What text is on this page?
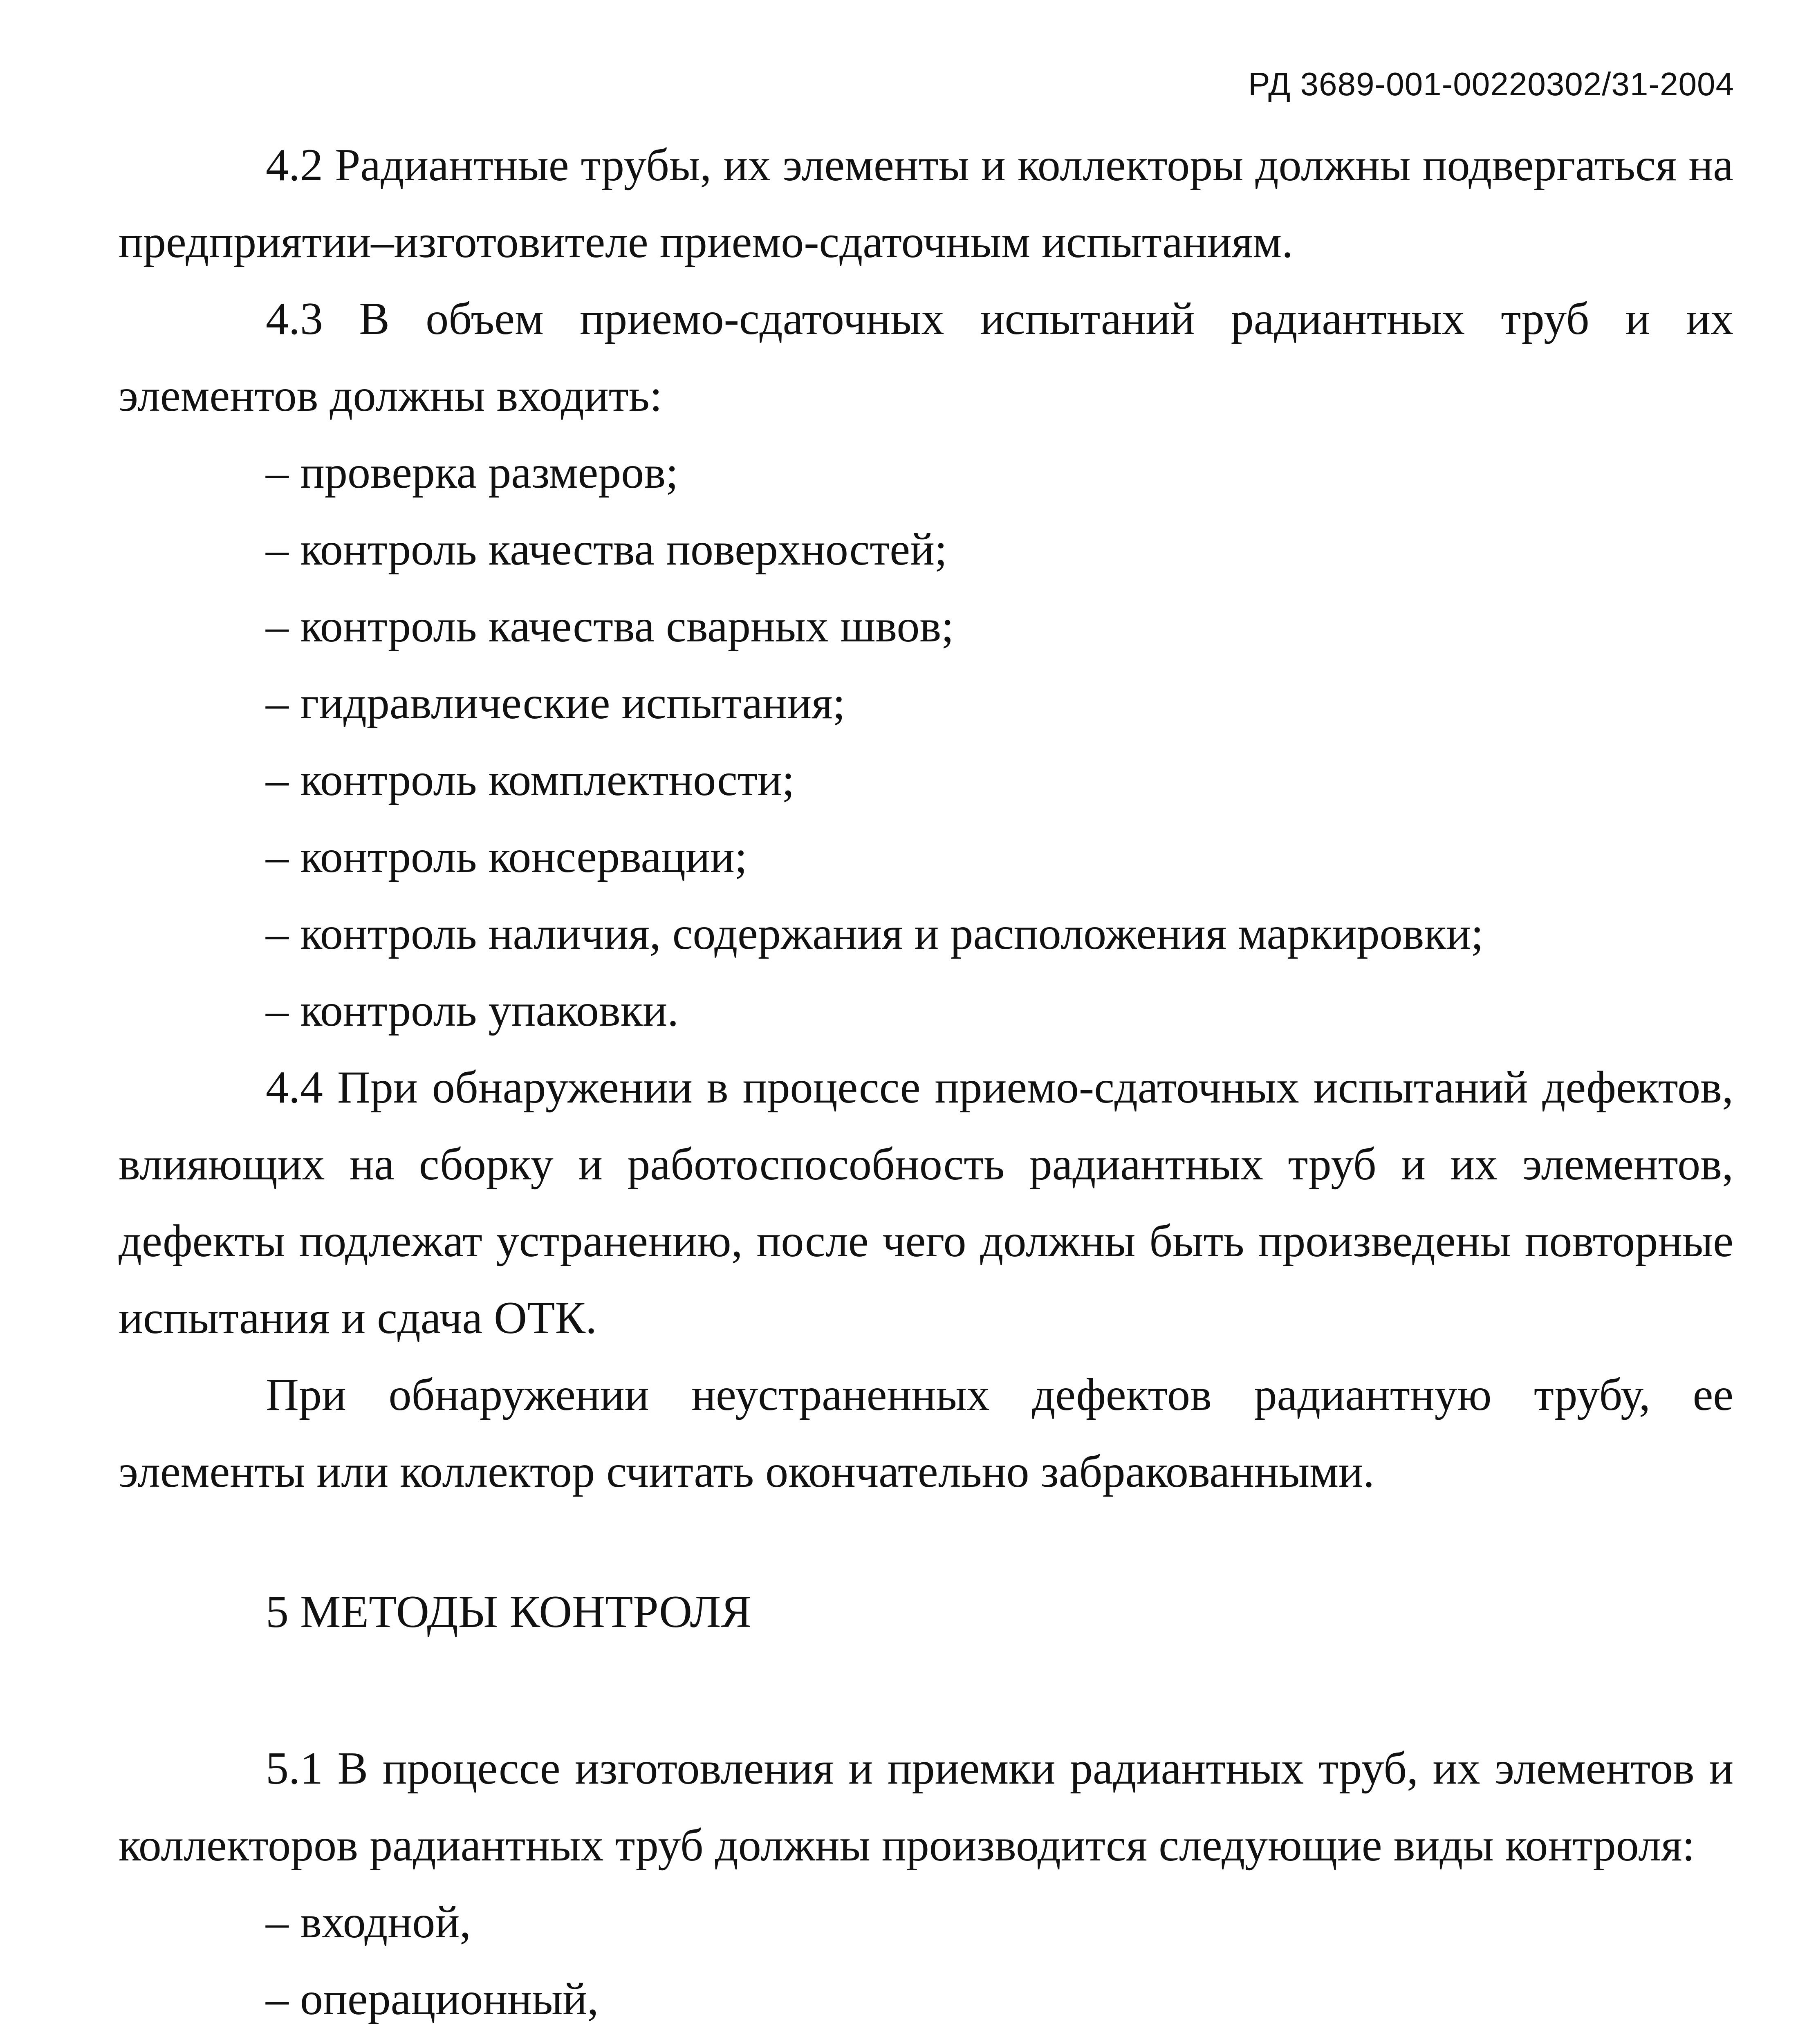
РД 3689-001-00220302/31-2004

4.2 Радиантные трубы, их элементы и коллекторы должны подвергаться на предприятии–изготовителе приемо-сдаточным испытаниям.

4.3 В объем приемо-сдаточных испытаний радиантных труб и их элементов должны входить:

– проверка размеров;

– контроль качества поверхностей;

– контроль качества сварных швов;

– гидравлические испытания;

– контроль комплектности;

– контроль консервации;

– контроль наличия, содержания и расположения маркировки;

– контроль упаковки.

4.4 При обнаружении в процессе приемо-сдаточных испытаний дефектов, влияющих на сборку и работоспособность радиантных труб и их элементов, дефекты подлежат устранению, после чего должны быть произведены повторные испытания и сдача ОТК.

При обнаружении неустраненных дефектов радиантную трубу, ее элементы или коллектор считать окончательно забракованными.

5 МЕТОДЫ КОНТРОЛЯ

5.1 В процессе изготовления и приемки радиантных труб, их элементов и коллекторов радиантных труб должны производится следующие виды контроля:

– входной,

– операционный,
